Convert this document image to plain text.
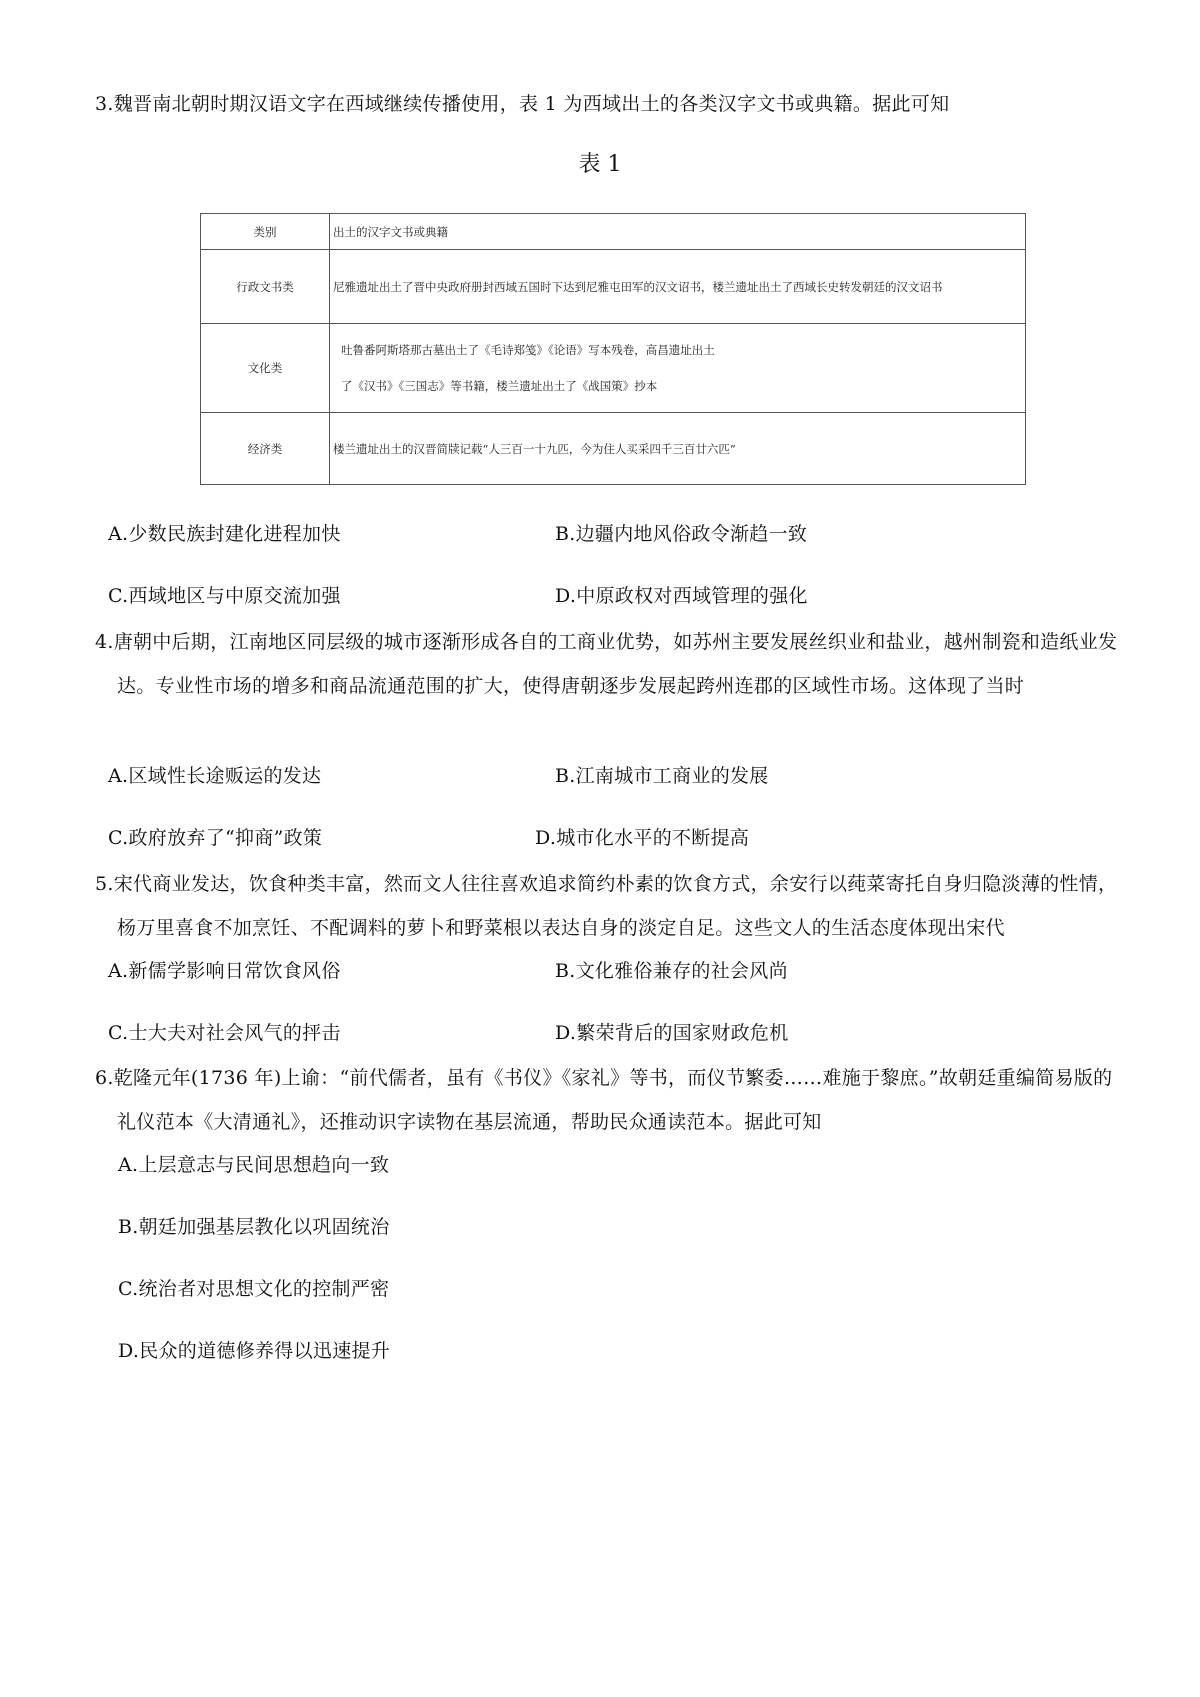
3.魏晋南北朝时期汉语文字在西域继续传播使用，表 1 为西域出土的各类汉字文书或典籍。据此可知

表 1
类别	出土的汉字文书或典籍
行政文书类	尼雅遗址出土了晋中央政府册封西域五国时下达到尼雅屯田军的汉文诏书，楼兰遗址出土了西域长史转发朝廷的汉文诏书
文化类	吐鲁番阿斯塔那古墓出土了《毛诗郑笺》《论语》写本残卷，高昌遗址出土
了《汉书》《三国志》等书籍，楼兰遗址出土了《战国策》抄本

经济类	楼兰遗址出土的汉晋简牍记载“人三百一十九匹，今为住人买采四千三百廿六匹”
A.少数民族封建化进程加快	B.边疆内地风俗政令渐趋一致
C.西域地区与中原交流加强	D.中原政权对西域管理的强化

4.唐朝中后期，江南地区同层级的城市逐渐形成各自的工商业优势，如苏州主要发展丝织业和盐业，越州制瓷和造纸业发达。专业性市场的增多和商品流通范围的扩大，使得唐朝逐步发展起跨州连郡的区域性市场。这体现了当时

A.区域性长途贩运的发达	B.江南城市工商业的发展
C.政府放弃了“抑商”政策	D.城市化水平的不断提高

5.宋代商业发达，饮食种类丰富，然而文人往往喜欢追求简约朴素的饮食方式，余安行以莼菜寄托自身归隐淡薄的性情，杨万里喜食不加烹饪、不配调料的萝卜和野菜根以表达自身的淡定自足。这些文人的生活态度体现出宋代

A.新儒学影响日常饮食风俗	B.文化雅俗兼存的社会风尚
C.士大夫对社会风气的抨击	D.繁荣背后的国家财政危机

6.乾隆元年(1736 年)上谕：“前代儒者，虽有《书仪》《家礼》等书，而仪节繁委……难施于黎庶。”故朝廷重编简易版的礼仪范本《大清通礼》，还推动识字读物在基层流通，帮助民众通读范本。据此可知

A.上层意志与民间思想趋向一致
B.朝廷加强基层教化以巩固统治
C.统治者对思想文化的控制严密
D.民众的道德修养得以迅速提升
